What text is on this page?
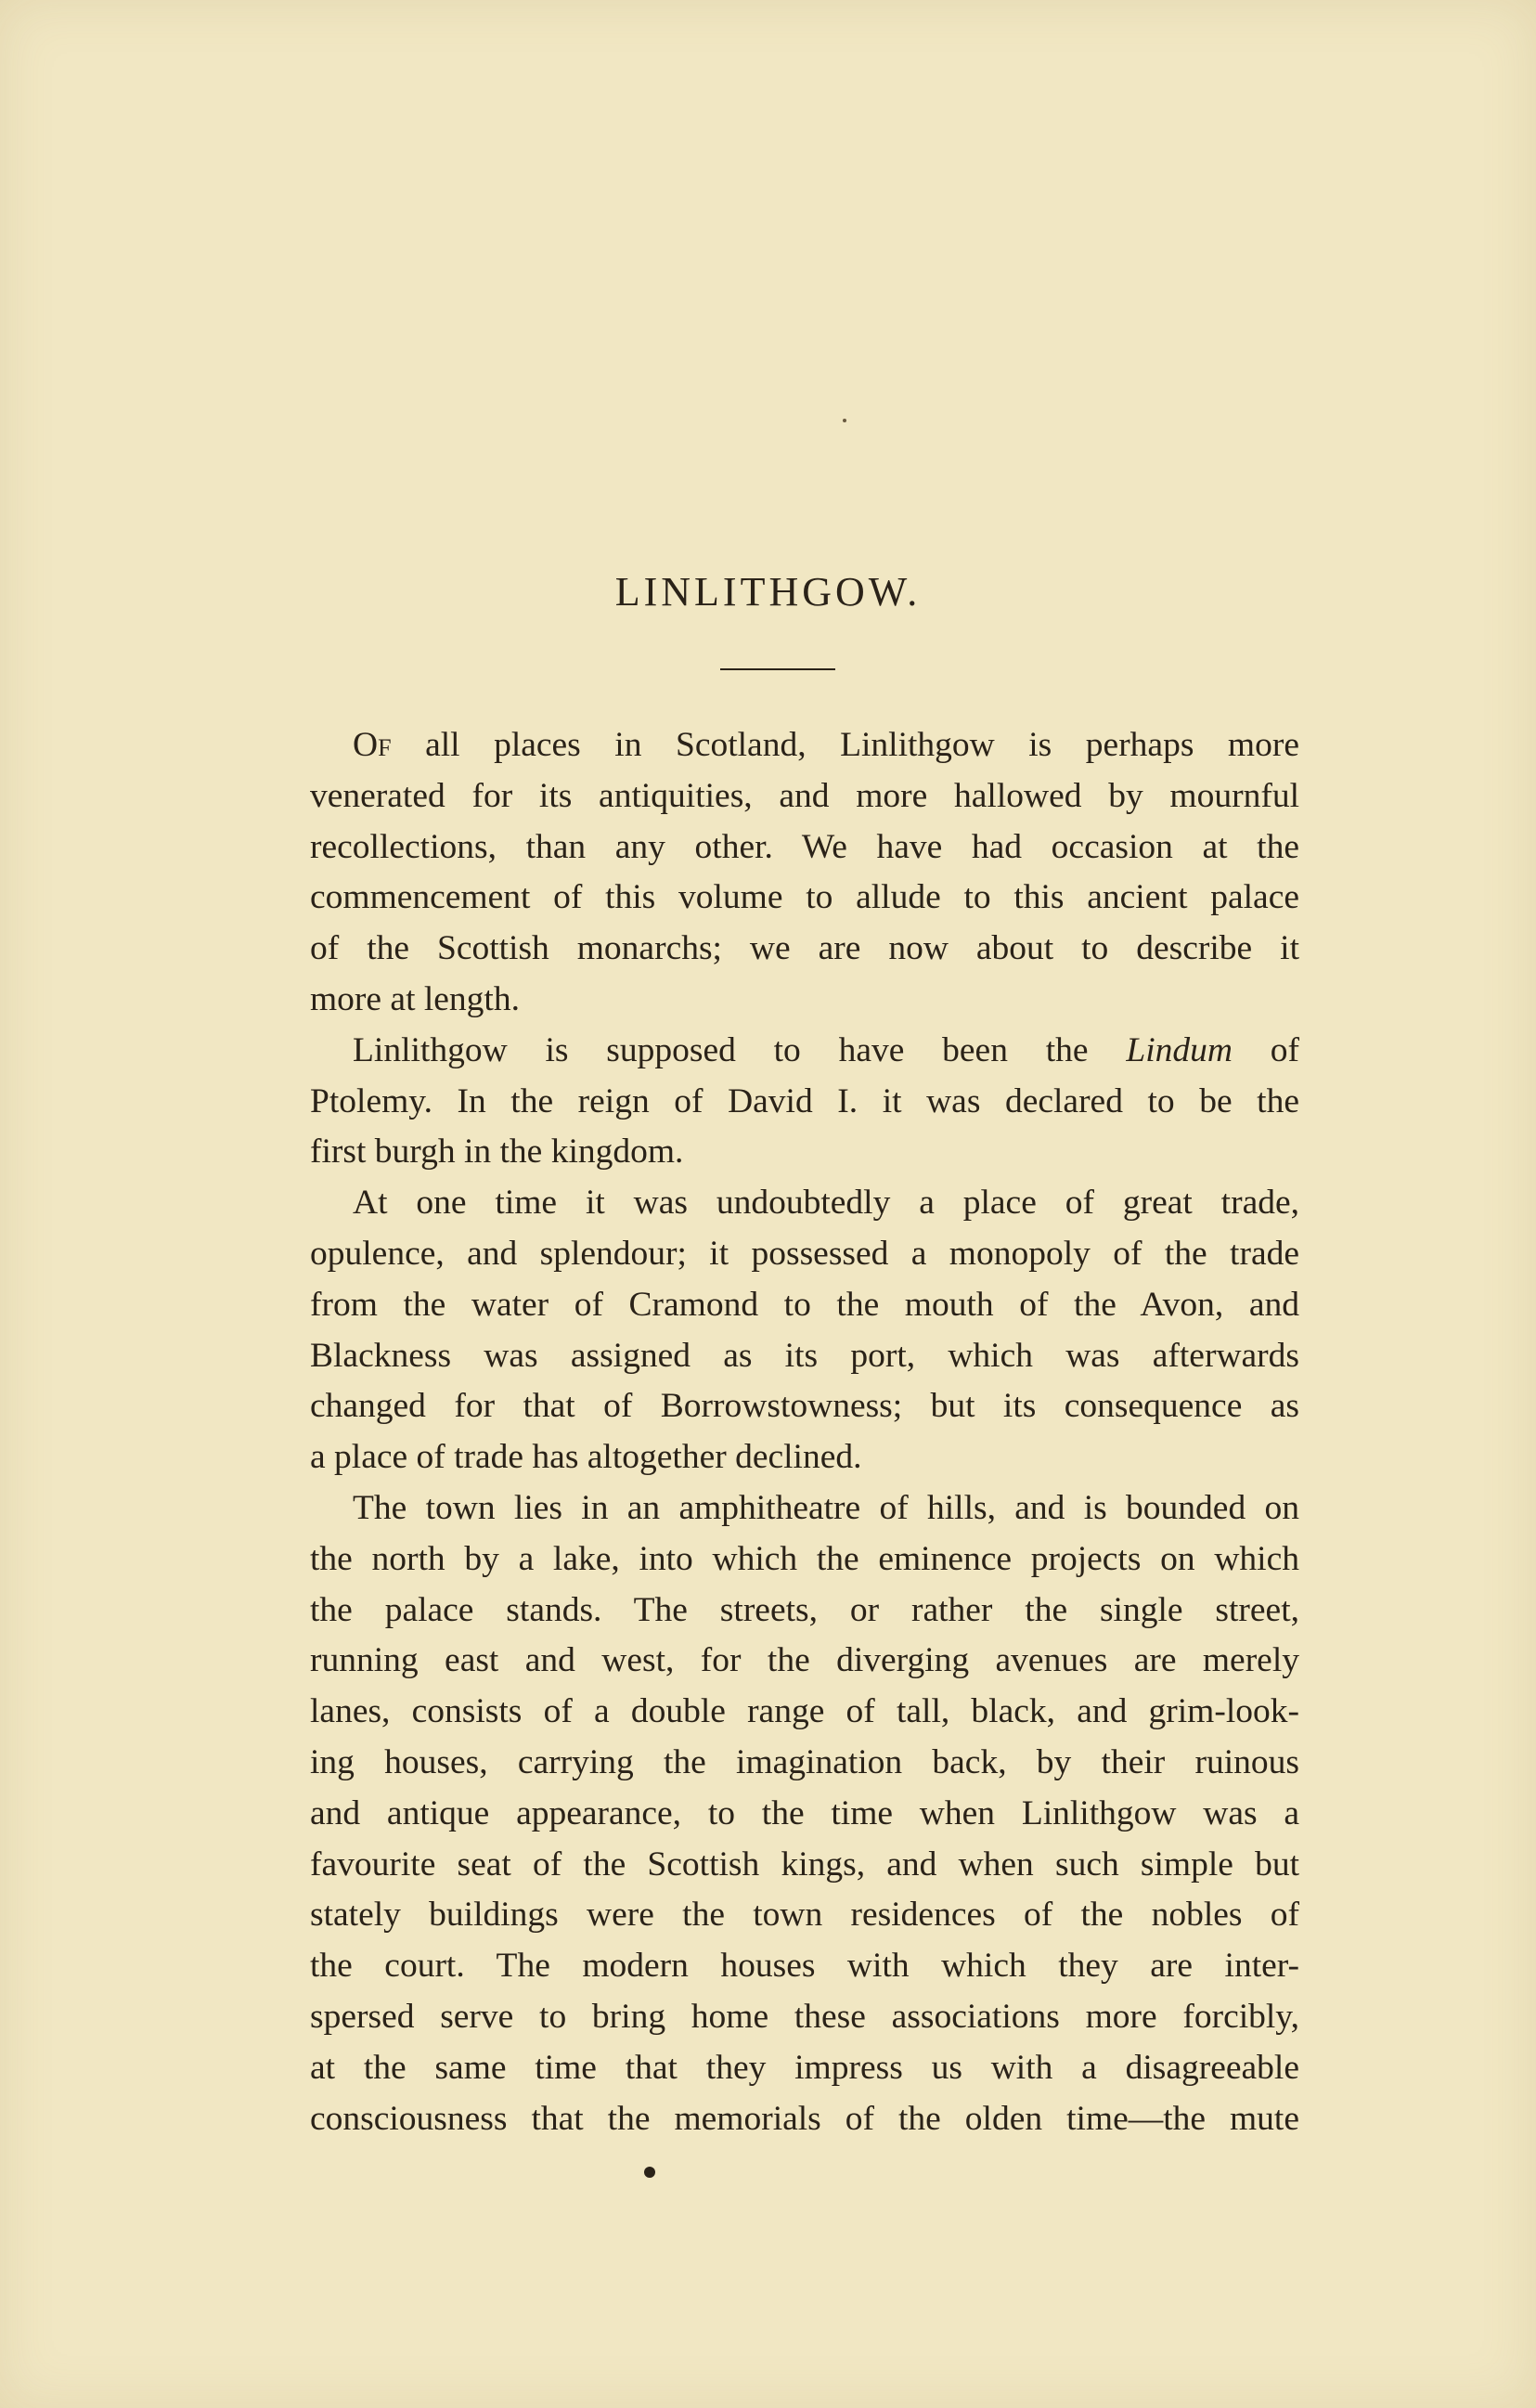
LINLITHGOW.

Of all places in Scotland, Linlithgow is perhaps more
venerated for its antiquities, and more hallowed by mournful
recollections, than any other. We have had occasion at the
commencement of this volume to allude to this ancient palace
of the Scottish monarchs; we are now about to describe it
more at length.

Linlithgow is supposed to have been the Lindum of
Ptolemy. In the reign of David I. it was declared to be the
first burgh in the kingdom.

At one time it was undoubtedly a place of great trade,
opulence, and splendour; it possessed a monopoly of the trade
from the water of Cramond to the mouth of the Avon, and
Blackness was assigned as its port, which was afterwards
changed for that of Borrowstowness; but its consequence as
a place of trade has altogether declined.

The town lies in an amphitheatre of hills, and is bounded on
the north by a lake, into which the eminence projects on which
the palace stands. The streets, or rather the single street,
running east and west, for the diverging avenues are merely
lanes, consists of a double range of tall, black, and grim-look-
ing houses, carrying the imagination back, by their ruinous
and antique appearance, to the time when Linlithgow was a
favourite seat of the Scottish kings, and when such simple but
stately buildings were the town residences of the nobles of
the court. The modern houses with which they are inter-
spersed serve to bring home these associations more forcibly,
at the same time that they impress us with a disagreeable
consciousness that the memorials of the olden time—the mute
